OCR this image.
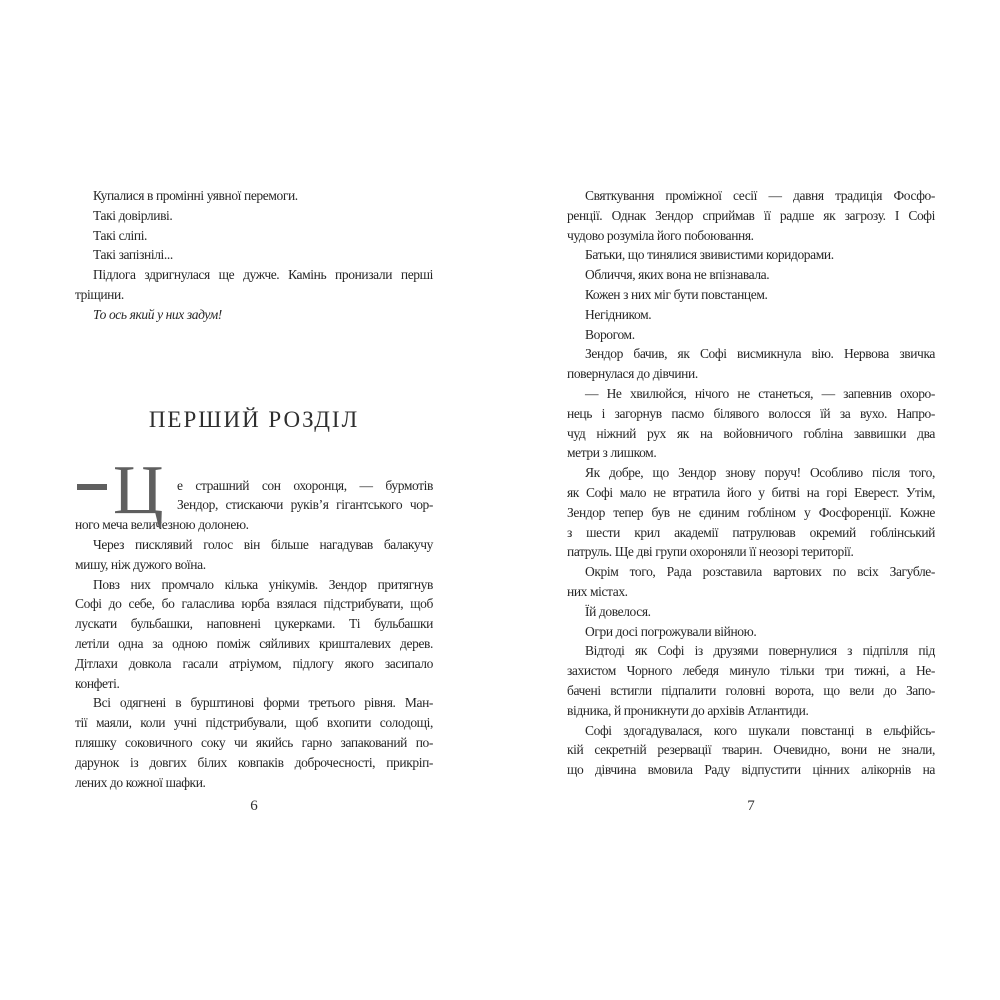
Купалися в промінні уявної перемоги.
Такі довірливі.
Такі сліпі.
Такі запізнілі...
Підлога здригнулася ще дужче. Камінь пронизали перші
тріщини.
То ось який у них задум!
ПЕРШИЙ РОЗДІЛ
Ц	е страшний сон охоронця, — бурмотів
Зендор, стискаючи руків’я гігантського чор-
ного меча величезною долонею.
Через писклявий голос він більше нагадував балакучу
мишу, ніж дужого воїна.
Повз них промчало кілька унікумів. Зендор притягнув
Софі до себе, бо галаслива юрба взялася підстрибувати, щоб
лускати бульбашки, наповнені цукерками. Ті бульбашки
летіли одна за одною поміж сяйливих кришталевих дерев.
Дітлахи довкола гасали атріумом, підлогу якого засипало
конфеті.
Всі одягнені в бурштинові форми третього рівня. Ман-
тії маяли, коли учні підстрибували, щоб вхопити солодощі,
пляшку соковичного соку чи якийсь гарно запакований по-
дарунок із довгих білих ковпаків доброчесності, прикріп-
лених до кожної шафки.
6
Святкування проміжної сесії — давня традиція Фосфо-
ренції. Однак Зендор сприймав її радше як загрозу. І Софі
чудово розуміла його побоювання.
Батьки, що тинялися звивистими коридорами.
Обличчя, яких вона не впізнавала.
Кожен з них міг бути повстанцем.
Негідником.
Ворогом.
Зендор бачив, як Софі висмикнула вію. Нервова звичка
повернулася до дівчини.
— Не хвилюйся, нічого не станеться, — запевнив охоро-
нець і загорнув пасмо білявого волосся їй за вухо. Напро-
чуд ніжний рух як на войовничого гобліна заввишки два
метри з лишком.
Як добре, що Зендор знову поруч! Особливо після того,
як Софі мало не втратила його у битві на горі Еверест. Утім,
Зендор тепер був не єдиним гобліном у Фосфоренції. Кожне
з шести крил академії патрулював окремий гоблінський
патруль. Ще дві групи охороняли її неозорі території.
Окрім того, Рада розставила вартових по всіх Загубле-
них містах.
Їй довелося.
Огри досі погрожували війною.
Відтоді як Софі із друзями повернулися з підпілля під
захистом Чорного лебедя минуло тільки три тижні, а Не-
бачені встигли підпалити головні ворота, що вели до Запо-
відника, й проникнути до архівів Атлантиди.
Софі здогадувалася, кого шукали повстанці в ельфійсь-
кій секретній резервації тварин. Очевидно, вони не знали,
що дівчина вмовила Раду відпустити цінних алікорнів на
7
